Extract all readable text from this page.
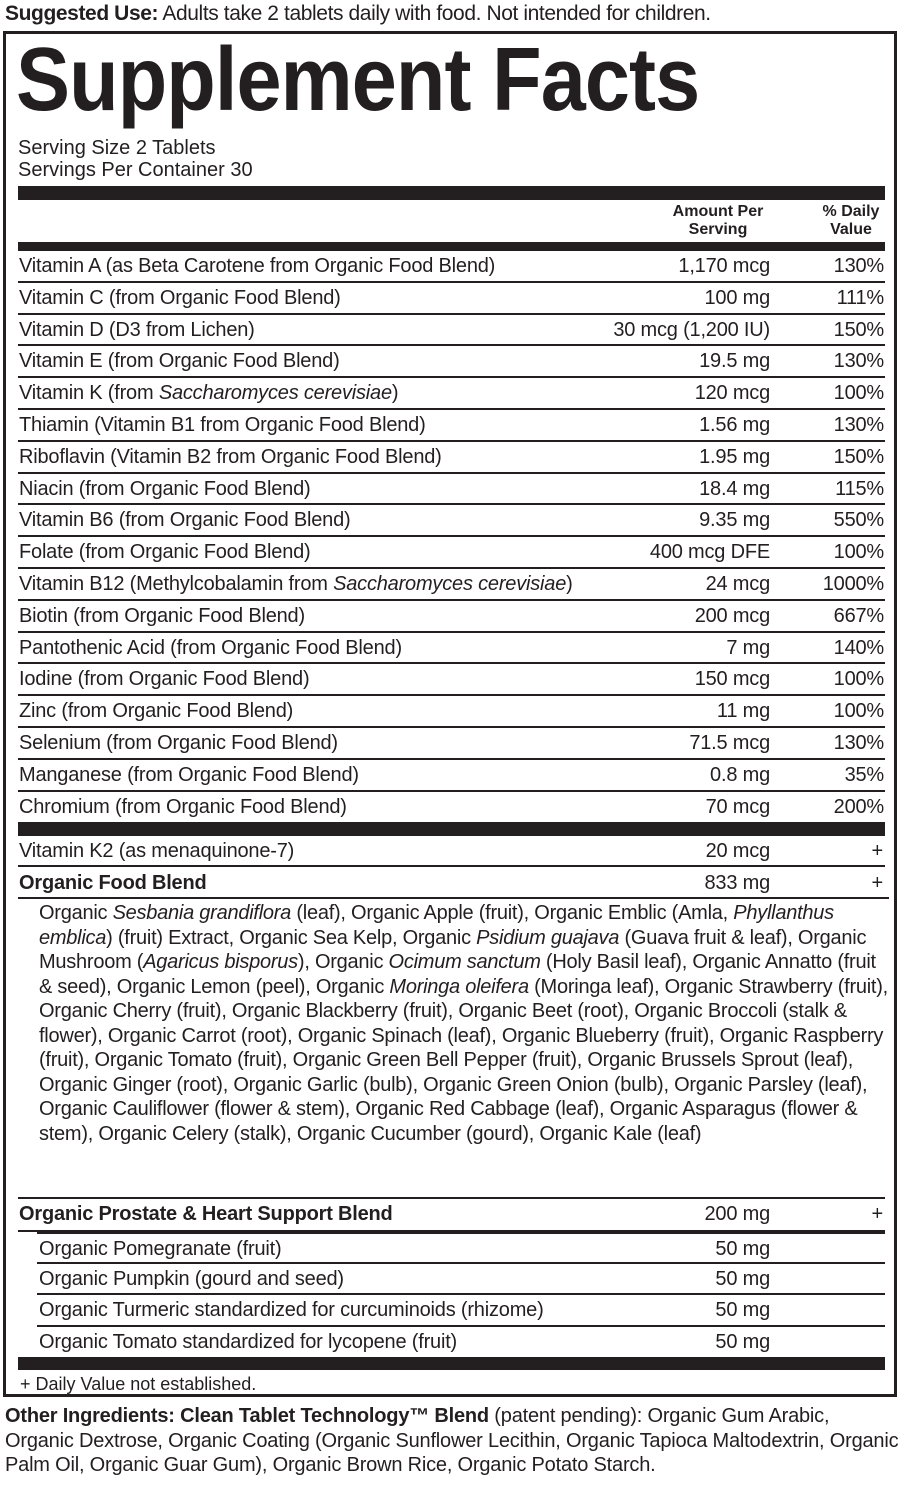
Suggested Use: Adults take 2 tablets daily with food. Not intended for children.
Supplement Facts
Serving Size 2 Tablets
Servings Per Container 30
Amount Per
Serving
% Daily
Value
Vitamin A (as Beta Carotene from Organic Food Blend)	1,170 mcg	130%
Vitamin C (from Organic Food Blend)	100 mg	111%
Vitamin D (D3 from Lichen)	30 mcg (1,200 IU)	150%
Vitamin E (from Organic Food Blend)	19.5 mg	130%
Vitamin K (from Saccharomyces cerevisiae)	120 mcg	100%
Thiamin (Vitamin B1 from Organic Food Blend)	1.56 mg	130%
Riboflavin (Vitamin B2 from Organic Food Blend)	1.95 mg	150%
Niacin (from Organic Food Blend)	18.4 mg	115%
Vitamin B6 (from Organic Food Blend)	9.35 mg	550%
Folate (from Organic Food Blend)	400 mcg DFE	100%
Vitamin B12 (Methylcobalamin from Saccharomyces cerevisiae)	24 mcg	1000%
Biotin (from Organic Food Blend)	200 mcg	667%
Pantothenic Acid (from Organic Food Blend)	7 mg	140%
Iodine (from Organic Food Blend)	150 mcg	100%
Zinc (from Organic Food Blend)	11 mg	100%
Selenium (from Organic Food Blend)	71.5 mcg	130%
Manganese (from Organic Food Blend)	0.8 mg	35%
Chromium (from Organic Food Blend)	70 mcg	200%
Vitamin K2 (as menaquinone-7)	20 mcg	+
Organic Food Blend	833 mg	+
Organic Sesbania grandiflora (leaf), Organic Apple (fruit), Organic Emblic (Amla, Phyllanthus emblica) (fruit) Extract, Organic Sea Kelp, Organic Psidium guajava (Guava fruit & leaf), Organic Mushroom (Agaricus bisporus), Organic Ocimum sanctum (Holy Basil leaf), Organic Annatto (fruit & seed), Organic Lemon (peel), Organic Moringa oleifera (Moringa leaf), Organic Strawberry (fruit), Organic Cherry (fruit), Organic Blackberry (fruit), Organic Beet (root), Organic Broccoli (stalk & flower), Organic Carrot (root), Organic Spinach (leaf), Organic Blueberry (fruit), Organic Raspberry (fruit), Organic Tomato (fruit), Organic Green Bell Pepper (fruit), Organic Brussels Sprout (leaf), Organic Ginger (root), Organic Garlic (bulb), Organic Green Onion (bulb), Organic Parsley (leaf), Organic Cauliflower (flower & stem), Organic Red Cabbage (leaf), Organic Asparagus (flower & stem), Organic Celery (stalk), Organic Cucumber (gourd), Organic Kale (leaf)
Organic Prostate & Heart Support Blend	200 mg	+
Organic Pomegranate (fruit)	50 mg
Organic Pumpkin (gourd and seed)	50 mg
Organic Turmeric standardized for curcuminoids (rhizome)	50 mg
Organic Tomato standardized for lycopene (fruit)	50 mg
+ Daily Value not established.
Other Ingredients: Clean Tablet Technology™ Blend (patent pending): Organic Gum Arabic, Organic Dextrose, Organic Coating (Organic Sunflower Lecithin, Organic Tapioca Maltodextrin, Organic Palm Oil, Organic Guar Gum), Organic Brown Rice, Organic Potato Starch.
